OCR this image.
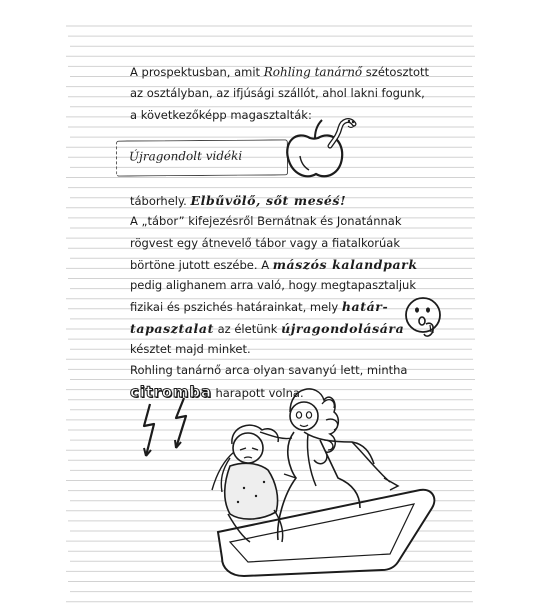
A prospektusban, amit Rohling tanárnő szétosztott
az osztályban, az ifjúsági szállót, ahol lakni fogunk,
a következőképp magasztalták:
Újragondolt vidéki
táborhely. Elbűvölő, sőt meséś!
A „tábor” kifejezésről Bernátnak és Jonatánnak
rögvest egy átnevelő tábor vagy a fiatalkorúak
börtöne jutott eszébe. A mászós kalandpark
pedig alighanem arra való, hogy megtapasztaljuk
fizikai és pszichés határainkat, mely határ-
tapasztalat az életünk újragondolására
késztet majd minket.
Rohling tanárnő arca olyan savanyú lett, mintha
citromba harapott volna.
